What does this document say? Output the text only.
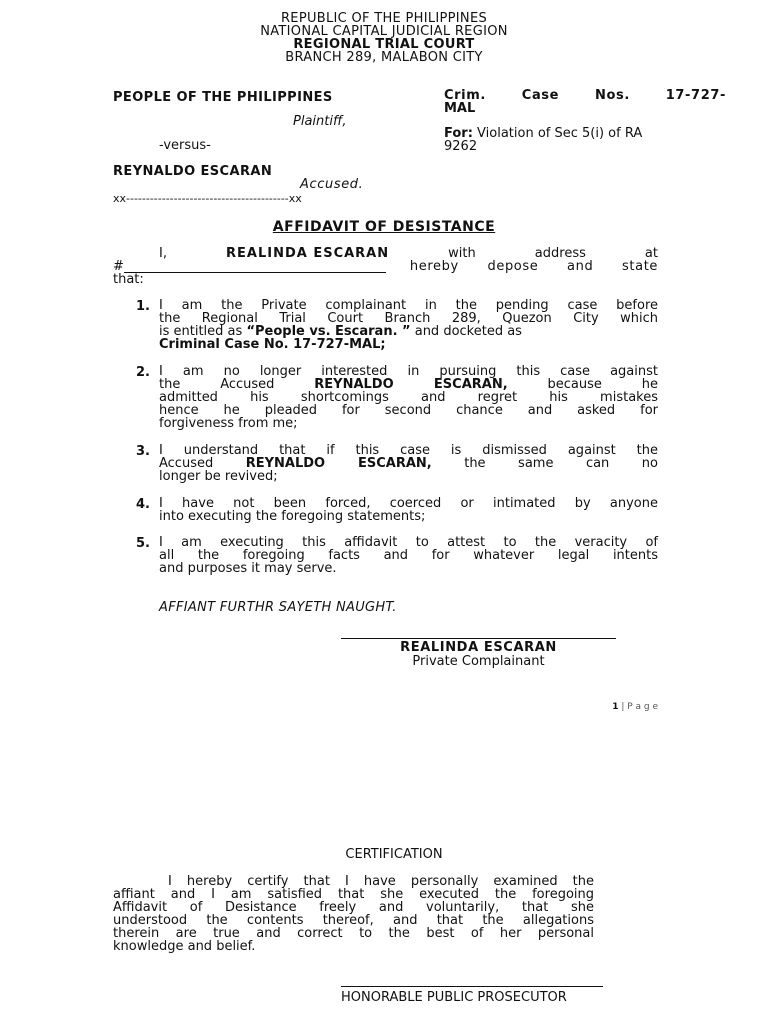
REPUBLIC OF THE PHILIPPINES
NATIONAL CAPITAL JUDICIAL REGION
REGIONAL TRIAL COURT
BRANCH 289, MALABON CITY
PEOPLE OF THE PHILIPPINES
Plaintiff,
-versus-
REYNALDO ESCARAN
Accused.
xx-----------------------------------------xx
Crim. Case Nos. 17-727-
MAL
For: Violation of Sec 5(i) of RA
9262
AFFIDAVIT OF DESISTANCE
I,	REALINDA ESCARAN	with	address	at
#	hereby depose and state
that:
1. I am the Private complainant in the pending case before
the Regional Trial Court Branch 289, Quezon City which
is entitled as “People vs. Escaran. ” and docketed as
Criminal Case No. 17-727-MAL;
2. I am no longer interested in pursuing this case against
the Accused REYNALDO ESCARAN, because he
admitted his shortcomings and regret his mistakes
hence he pleaded for second chance and asked for
forgiveness from me;
3. I understand that if this case is dismissed against the
Accused REYNALDO ESCARAN, the same can no
longer be revived;
4. I have not been forced, coerced or intimated by anyone
into executing the foregoing statements;
5. I am executing this affidavit to attest to the veracity of
all the foregoing facts and for whatever legal intents
and purposes it may serve.
AFFIANT FURTHR SAYETH NAUGHT.
REALINDA ESCARAN
Private Complainant
1 | P a g e
CERTIFICATION
I hereby certify that I have personally examined the
affiant and I am satisfied that she executed the foregoing
Affidavit of Desistance freely and voluntarily, that she
understood the contents thereof, and that the allegations
therein are true and correct to the best of her personal
knowledge and belief.
HONORABLE PUBLIC PROSECUTOR
